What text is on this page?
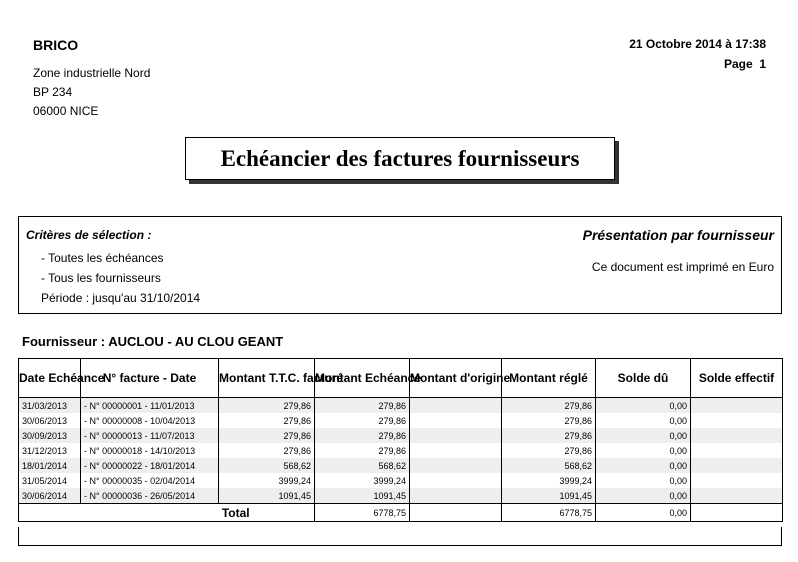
BRICO
Zone industrielle Nord
BP 234
06000 NICE
21 Octobre 2014 à 17:38
Page 1
Echéancier des factures fournisseurs
Critères de sélection :
- Toutes les échéances
- Tous les fournisseurs
Période : jusqu'au 31/10/2014
Présentation par fournisseur
Ce document est imprimé en Euro
Fournisseur : AUCLOU - AU CLOU GEANT
Date Echéance	N° facture - Date	Montant T.T.C. facturé	Montant Echéance	Montant d'origine	Montant réglé	Solde dû	Solde effectif
31/03/2013	- N° 00000001 - 11/01/2013	279,86	279,86		279,86	0,00	
30/06/2013	- N° 00000008 - 10/04/2013	279,86	279,86		279,86	0,00	
30/09/2013	- N° 00000013 - 11/07/2013	279,86	279,86		279,86	0,00	
31/12/2013	- N° 00000018 - 14/10/2013	279,86	279,86		279,86	0,00	
18/01/2014	- N° 00000022 - 18/01/2014	568,62	568,62		568,62	0,00	
31/05/2014	- N° 00000035 - 02/04/2014	3999,24	3999,24		3999,24	0,00	
30/06/2014	- N° 00000036 - 26/05/2014	1091,45	1091,45		1091,45	0,00	
	Total		6778,75		6778,75	0,00	
